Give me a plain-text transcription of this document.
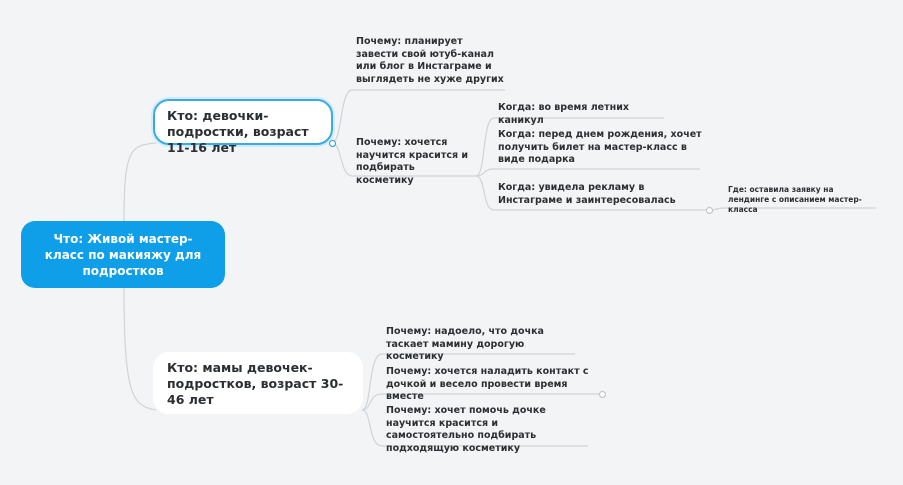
Что: Живой мастер-класс по макияжу для подростков
Кто: девочки-подростки, возраст 11-16 лет
Кто: мамы девочек-подростков, возраст 30-46 лет
Почему: планирует завести свой ютуб-канал или блог в Инстаграме и выглядеть не хуже других
Почему: хочется научится красится и подбирать косметику
Когда: во время летних каникул
Когда: перед днем рождения, хочет получить билет на мастер-класс в виде подарка
Когда: увидела рекламу в Инстаграме и заинтересовалась
Где: оставила заявку на лендинге с описанием мастер-класса
Почему: надоело, что дочка таскает мамину дорогую косметику
Почему: хочется наладить контакт с дочкой и весело провести время вместе
Почему: хочет помочь дочке научится красится и самостоятельно подбирать подходящую косметику
